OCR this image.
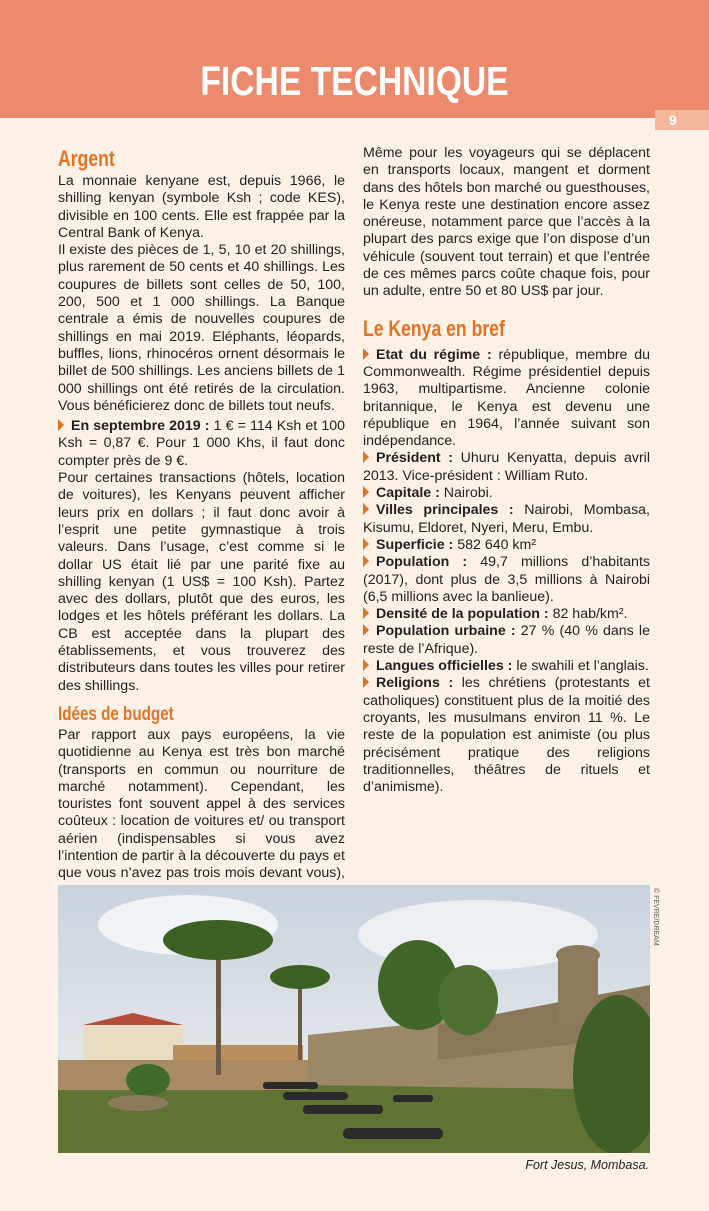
FICHE TECHNIQUE
9
Argent

La monnaie kenyane est, depuis 1966, le shilling kenyan (symbole Ksh ; code KES), divisible en 100 cents. Elle est frappée par la Central Bank of Kenya.

Il existe des pièces de 1, 5, 10 et 20 shillings, plus rarement de 50 cents et 40 shillings. Les coupures de billets sont celles de 50, 100, 200, 500 et 1 000 shillings. La Banque centrale a émis de nouvelles coupures de shillings en mai 2019. Eléphants, léopards, buffles, lions, rhinocéros ornent désormais le billet de 500 shillings. Les anciens billets de 1 000 shillings ont été retirés de la circulation. Vous bénéficierez donc de billets tout neufs.

En septembre 2019 : 1 € = 114 Ksh et 100 Ksh = 0,87 €. Pour 1 000 Khs, il faut donc compter près de 9 €.

Pour certaines transactions (hôtels, location de voitures), les Kenyans peuvent afficher leurs prix en dollars ; il faut donc avoir à l’esprit une petite gymnastique à trois valeurs. Dans l’usage, c’est comme si le dollar US était lié par une parité fixe au shilling kenyan (1 US$ = 100 Ksh). Partez avec des dollars, plutôt que des euros, les lodges et les hôtels préférant les dollars. La CB est acceptée dans la plupart des établissements, et vous trouverez des distributeurs dans toutes les villes pour retirer des shillings.

Idées de budget

Par rapport aux pays européens, la vie quotidienne au Kenya est très bon marché (transports en commun ou nourriture de marché notamment). Cependant, les touristes font souvent appel à des services coûteux : location de voitures et/ ou transport aérien (indispensables si vous avez l’intention de partir à la découverte du pays et que vous n’avez pas trois mois devant vous),

Même pour les voyageurs qui se déplacent en transports locaux, mangent et dorment dans des hôtels bon marché ou guesthouses, le Kenya reste une destination encore assez onéreuse, notamment parce que l’accès à la plupart des parcs exige que l’on dispose d’un véhicule (souvent tout terrain) et que l’entrée de ces mêmes parcs coûte chaque fois, pour un adulte, entre 50 et 80 US$ par jour.

Le Kenya en bref

Etat du régime : république, membre du Commonwealth. Régime présidentiel depuis 1963, multipartisme. Ancienne colonie britannique, le Kenya est devenu une république en 1964, l’année suivant son indépendance.

Président : Uhuru Kenyatta, depuis avril 2013. Vice-président : William Ruto.

Capitale : Nairobi.

Villes principales : Nairobi, Mombasa, Kisumu, Eldoret, Nyeri, Meru, Embu.

Superficie : 582 640 km²

Population : 49,7 millions d’habitants (2017), dont plus de 3,5 millions à Nairobi (6,5 millions avec la banlieue).

Densité de la population : 82 hab/km².

Population urbaine : 27 % (40 % dans le reste de l’Afrique).

Langues officielles : le swahili et l’anglais.

Religions : les chrétiens (protestants et catholiques) constituent plus de la moitié des croyants, les musulmans environ 11 %. Le reste de la population est animiste (ou plus précisément pratique des religions traditionnelles, théâtres de rituels et d’animisme).

© FEVRE/DREAM
Fort Jesus, Mombasa.
